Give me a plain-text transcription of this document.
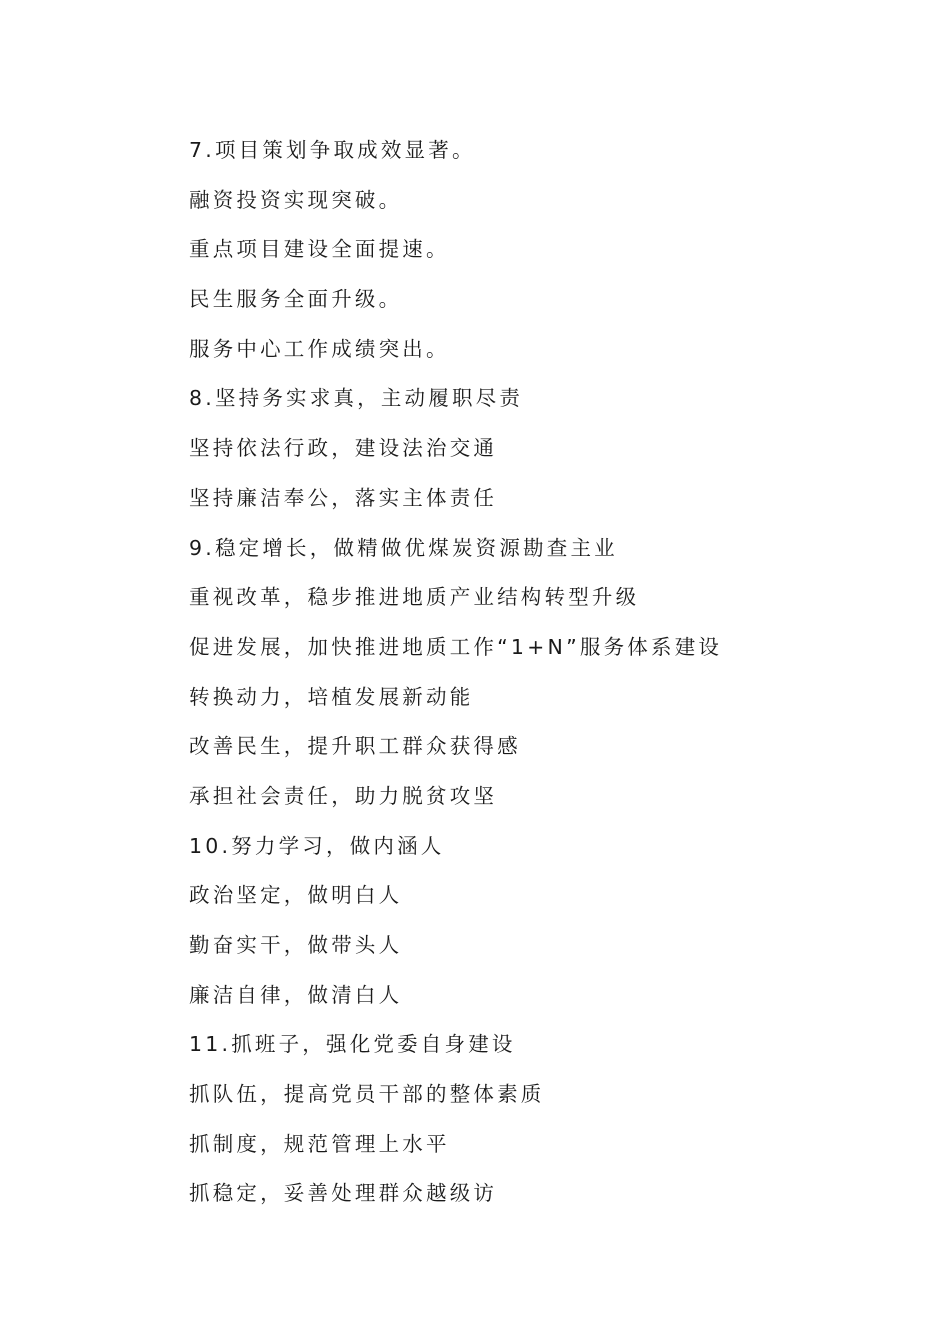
7.项目策划争取成效显著。
融资投资实现突破。
重点项目建设全面提速。
民生服务全面升级。
服务中心工作成绩突出。
8.坚持务实求真，主动履职尽责
坚持依法行政，建设法治交通
坚持廉洁奉公，落实主体责任
9.稳定增长，做精做优煤炭资源勘查主业
重视改革，稳步推进地质产业结构转型升级
促进发展，加快推进地质工作“1+N”服务体系建设
转换动力，培植发展新动能
改善民生，提升职工群众获得感
承担社会责任，助力脱贫攻坚
10.努力学习，做内涵人
政治坚定，做明白人
勤奋实干，做带头人
廉洁自律，做清白人
11.抓班子，强化党委自身建设
抓队伍，提高党员干部的整体素质
抓制度，规范管理上水平
抓稳定，妥善处理群众越级访
